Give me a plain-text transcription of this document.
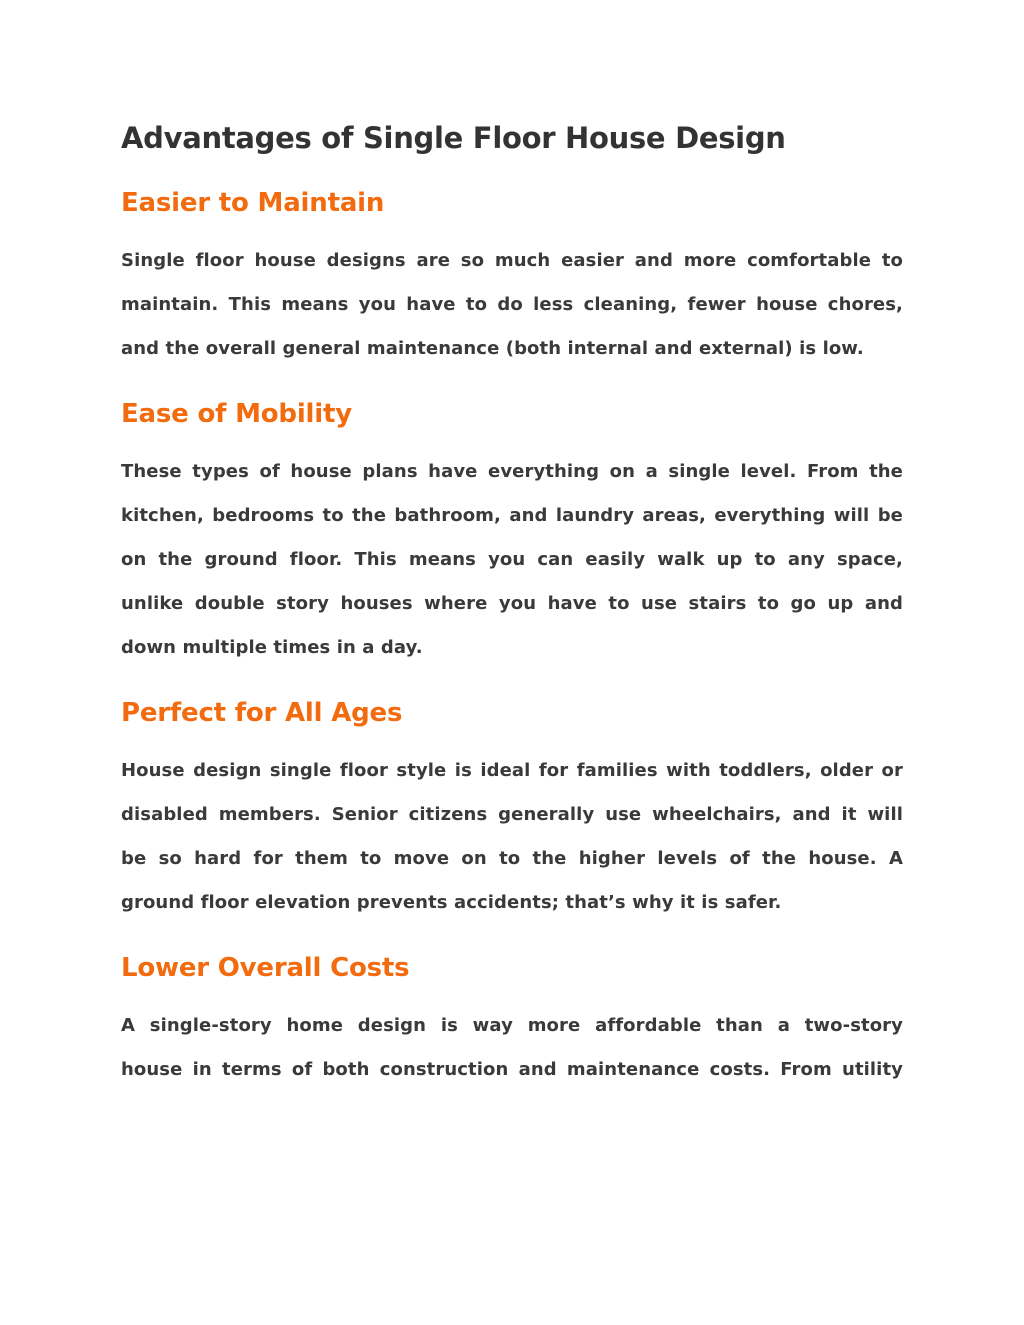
Advantages of Single Floor House Design
Easier to Maintain
Single floor house designs are so much easier and more comfortable to
maintain. This means you have to do less cleaning, fewer house chores,
and the overall general maintenance (both internal and external) is low.
Ease of Mobility
These types of house plans have everything on a single level. From the
kitchen, bedrooms to the bathroom, and laundry areas, everything will be
on the ground floor. This means you can easily walk up to any space,
unlike double story houses where you have to use stairs to go up and
down multiple times in a day.
Perfect for All Ages
House design single floor style is ideal for families with toddlers, older or
disabled members. Senior citizens generally use wheelchairs, and it will
be so hard for them to move on to the higher levels of the house. A
ground floor elevation prevents accidents; that’s why it is safer.
Lower Overall Costs
A single-story home design is way more affordable than a two-story
house in terms of both construction and maintenance costs. From utility
